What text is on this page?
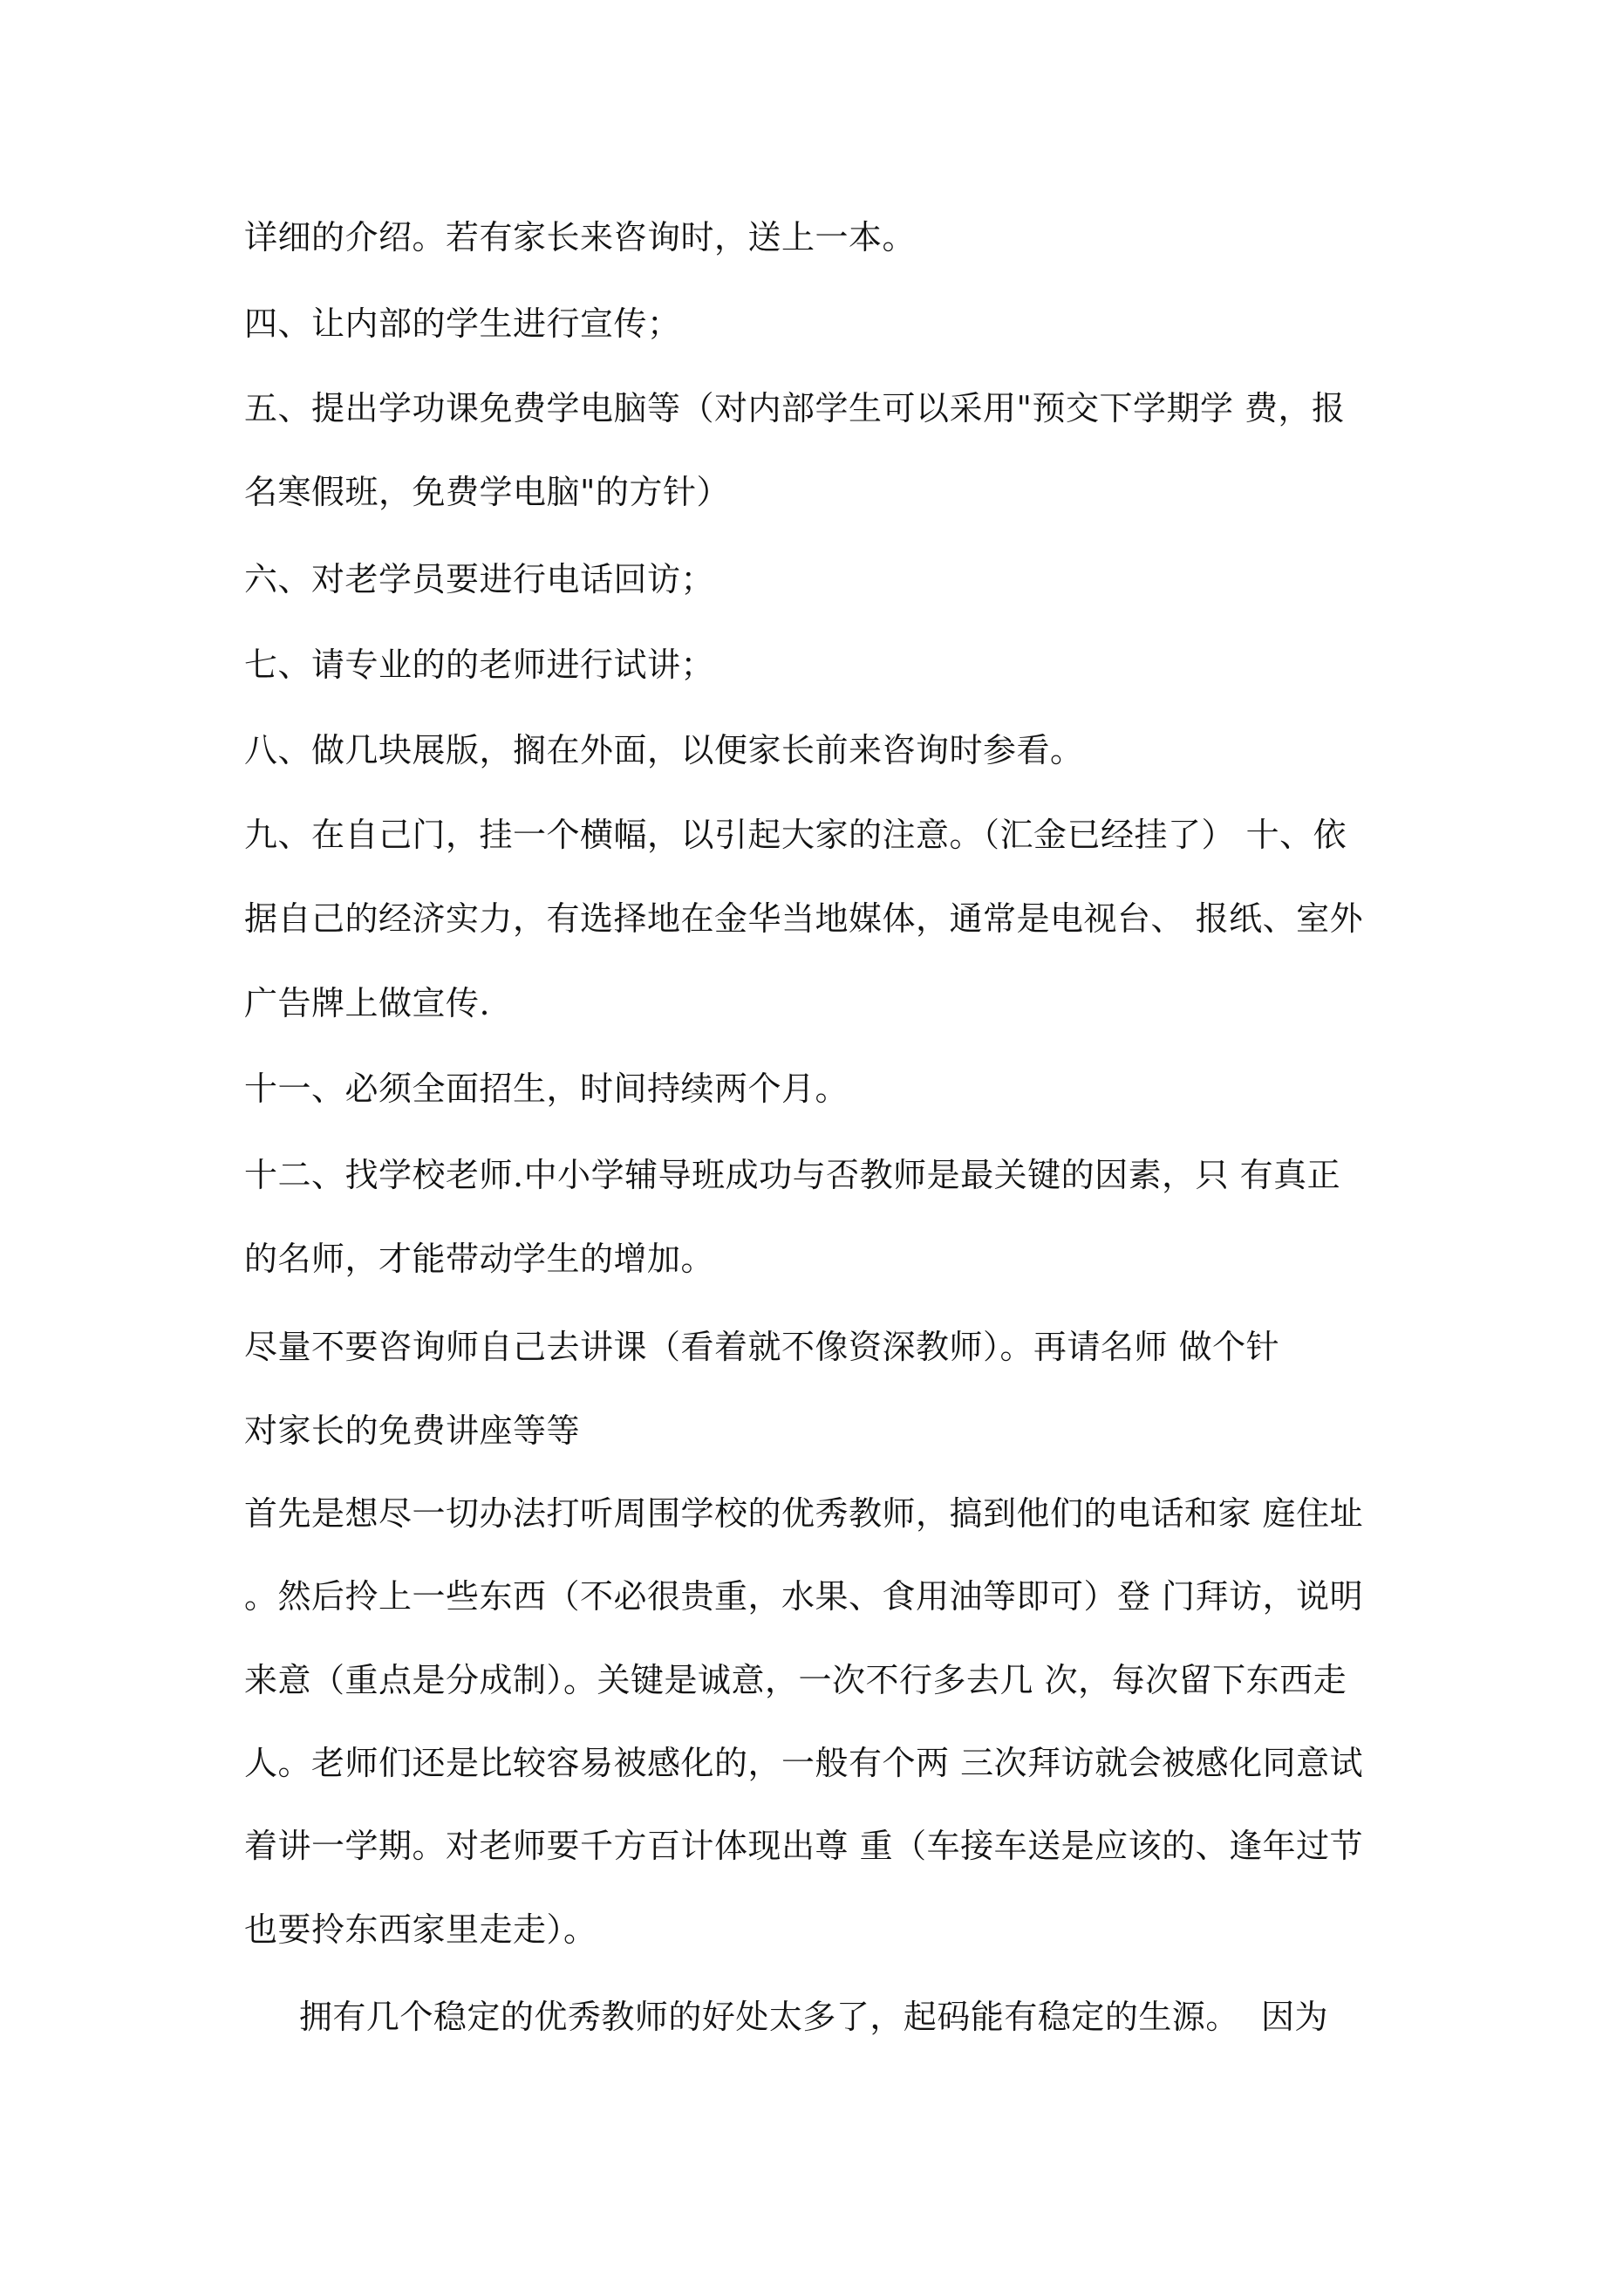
详细的介绍。若有家长来咨询时，送上一本。
四、让内部的学生进行宣传；
五、提出学功课免费学电脑等（对内部学生可以采用"预交下学期学 费，报
名寒假班，免费学电脑"的方针）
六、对老学员要进行电话回访；
七、请专业的的老师进行试讲；
八、做几块展版，搁在外面，以便家长前来咨询时参看。
九、在自己门，挂一个横幅，以引起大家的注意。（汇金已经挂了） 十、依
据自己的经济实力，有选择地在金华当地媒体，通常是电视台、 报纸、室外
广告牌上做宣传.
十一、必须全面招生，时间持续两个月。
十二、找学校老师.中小学辅导班成功与否教师是最关键的因素，只 有真正
的名师，才能带动学生的增加。
尽量不要咨询师自己去讲课（看着就不像资深教师）。再请名师 做个针
对家长的免费讲座等等
首先是想尽一切办法打听周围学校的优秀教师，搞到他们的电话和家 庭住址
。然后拎上一些东西（不必很贵重，水果、食用油等即可）登 门拜访，说明
来意（重点是分成制）。关键是诚意，一次不行多去几 次，每次留下东西走
人。老师们还是比较容易被感化的，一般有个两 三次拜访就会被感化同意试
着讲一学期。对老师要千方百计体现出尊 重（车接车送是应该的、逢年过节
也要拎东西家里走走）。
拥有几个稳定的优秀教师的好处太多了，起码能有稳定的生源。  因为
